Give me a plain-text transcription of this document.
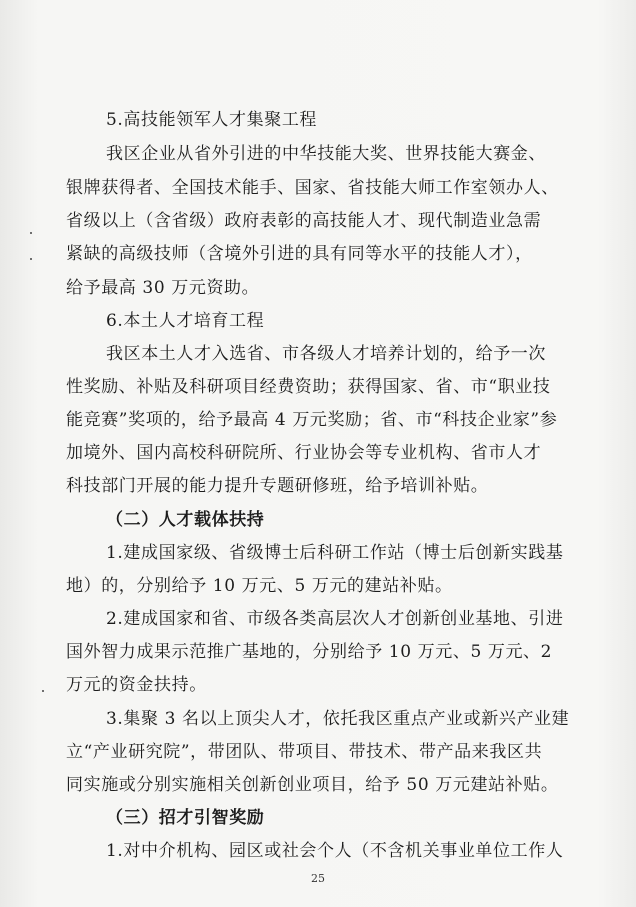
5.高技能领军人才集聚工程
我区企业从省外引进的中华技能大奖、世界技能大赛金、
银牌获得者、全国技术能手、国家、省技能大师工作室领办人、
省级以上（含省级）政府表彰的高技能人才、现代制造业急需
紧缺的高级技师（含境外引进的具有同等水平的技能人才），
给予最高 30 万元资助。
6.本土人才培育工程
我区本土人才入选省、市各级人才培养计划的，给予一次
性奖励、补贴及科研项目经费资助；获得国家、省、市“职业技
能竞赛”奖项的，给予最高 4 万元奖励；省、市“科技企业家”参
加境外、国内高校科研院所、行业协会等专业机构、省市人才
科技部门开展的能力提升专题研修班，给予培训补贴。
（二）人才载体扶持
1.建成国家级、省级博士后科研工作站（博士后创新实践基
地）的，分别给予 10 万元、5 万元的建站补贴。
2.建成国家和省、市级各类高层次人才创新创业基地、引进
国外智力成果示范推广基地的，分别给予 10 万元、5 万元、2
万元的资金扶持。
3.集聚 3 名以上顶尖人才，依托我区重点产业或新兴产业建
立“产业研究院”，带团队、带项目、带技术、带产品来我区共
同实施或分别实施相关创新创业项目，给予 50 万元建站补贴。
（三）招才引智奖励
1.对中介机构、园区或社会个人（不含机关事业单位工作人
25
